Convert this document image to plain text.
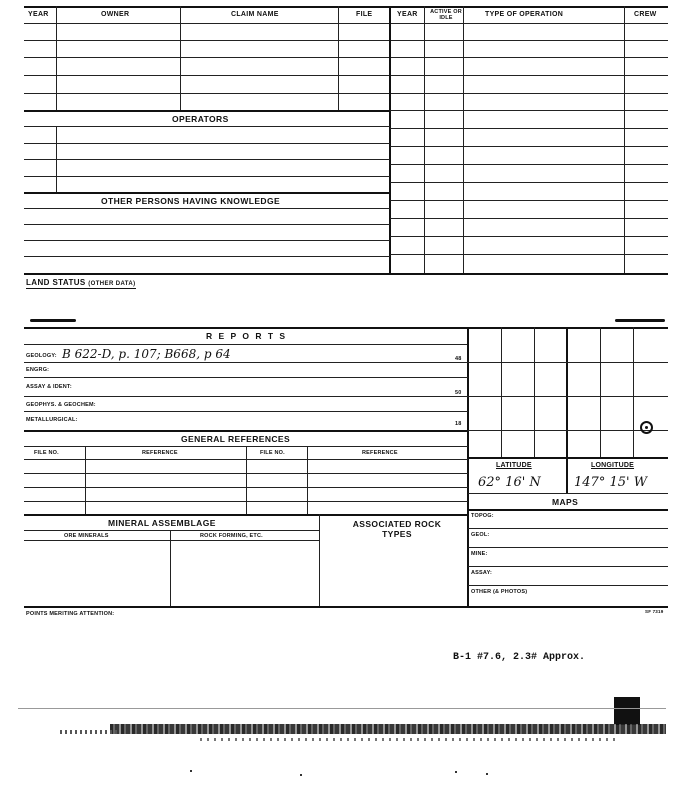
YEAR	OWNER	CLAIM NAME	FILE	YEAR	ACTIVE OR IDLE	TYPE OF OPERATION	CREW
OPERATORS
OTHER PERSONS HAVING KNOWLEDGE
LAND STATUS (OTHER DATA)
R E P O R T S
GEOLOGY: B 622-D, p. 107; B668, p 64	48
ENGRG:
ASSAY & IDENT:
50
GEOPHYS. & GEOCHEM:
METALLURGICAL:
18
GENERAL REFERENCES
FILE NO.	REFERENCE	FILE NO.	REFERENCE
MINERAL ASSEMBLAGE
ORE MINERALS	ROCK FORMING, ETC.
ASSOCIATED ROCK TYPES
POINTS MERITING ATTENTION:	SF 7319
LATITUDE	LONGITUDE
62° 16' N	147° 15' W
MAPS
TOPOG:
GEOL:
MINE:
ASSAY:
OTHER (& PHOTOS)
B-1 #7.6, 2.3# Approx.
